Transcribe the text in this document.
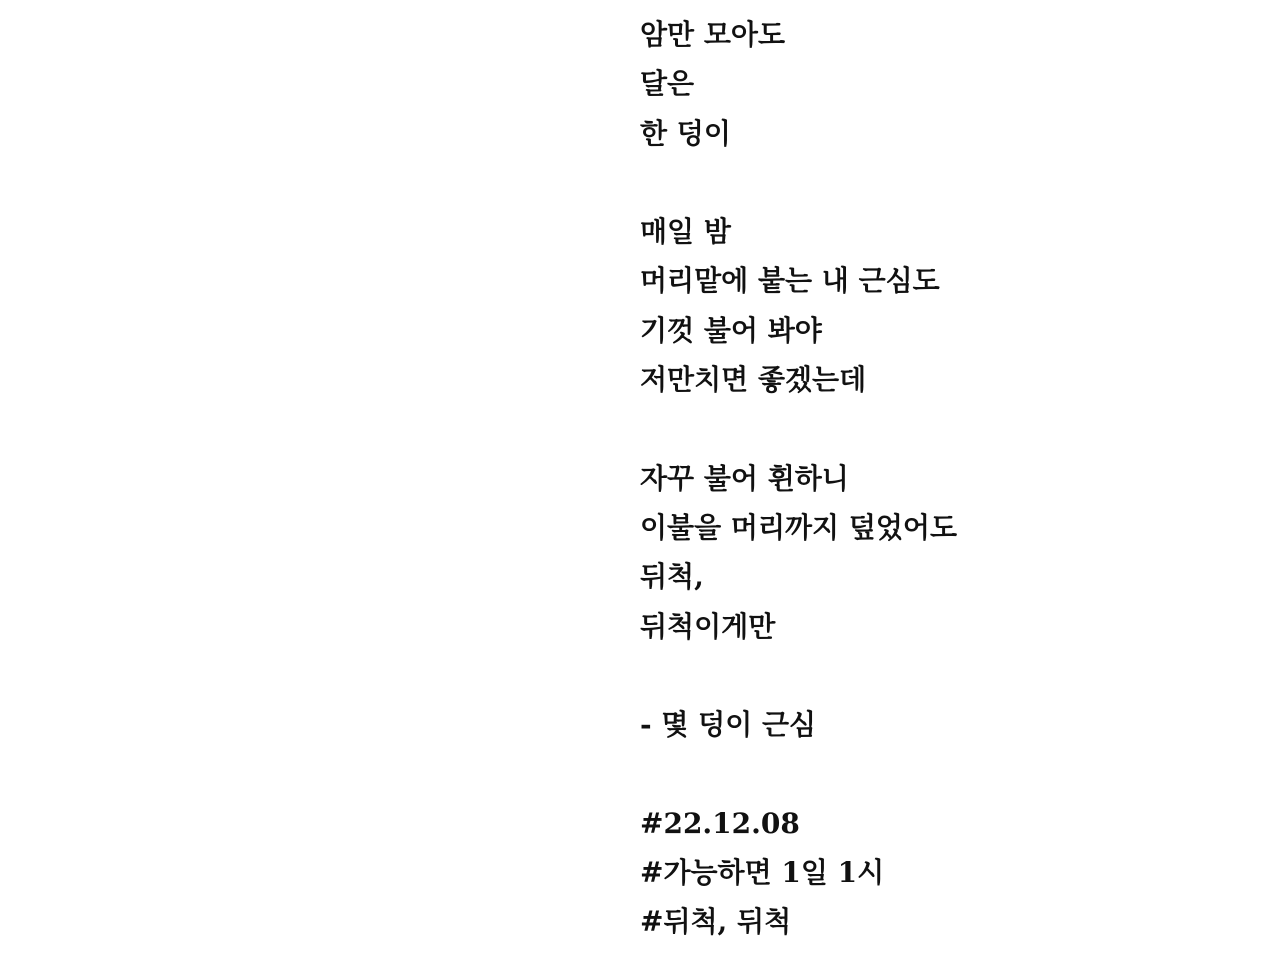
암만 모아도
달은
한 덩이
매일 밤
머리맡에 붙는 내 근심도
기껏 불어 봐야
저만치면 좋겠는데
자꾸 불어 휜하니
이불을 머리까지 덮었어도
뒤척,
뒤척이게만
- 몇 덩이 근심
#22.12.08
#가능하면 1일 1시
#뒤척, 뒤척
